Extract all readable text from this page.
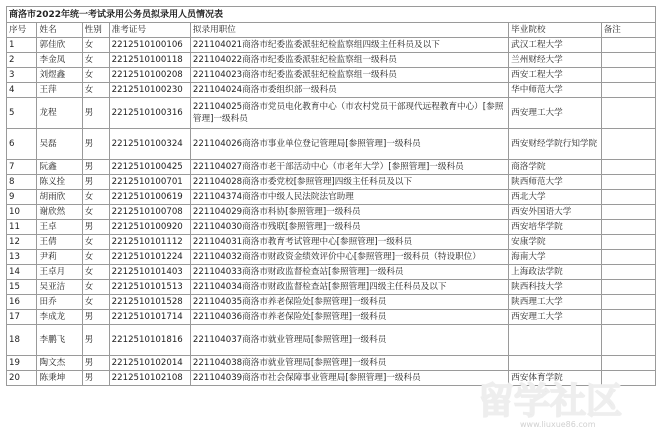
商洛市2022年统一考试录用公务员拟录用人员情况表						
序号	姓名	性别	准考证号	拟录用职位	毕业院校	备注
1	郭佳欣	女	2212510100106	221104021商洛市纪委监委派驻纪检监察组四级主任科员及以下	武汉工程大学	
2	李金凤	女	2212510100118	221104022商洛市纪委监委派驻纪检监察组一级科员	兰州财经大学	
3	刘煜鑫	女	2212510100208	221104023商洛市纪委监委派驻纪检监察组一级科员	西安工程大学	
4	王萍	女	2212510100230	221104024商洛市委组织部一级科员	华中师范大学	
5	龙程	男	2212510100316	221104025商洛市党员电化教育中心（市农村党员干部现代远程教育中心）[参照管理]一级科员	西安理工大学	
6	吴磊	男	2212510100324	221104026商洛市事业单位登记管理局[参照管理]一级科员	西安财经学院行知学院	
7	阮鑫	男	2212510100425	221104027商洛市老干部活动中心（市老年大学）[参照管理]一级科员	商洛学院	
8	陈义拴	男	2212510100701	221104028商洛市委党校[参照管理]四级主任科员及以下	陕西师范大学	
9	胡雨欣	女	2212510100619	221104374商洛市中级人民法院法官助理	西北大学	
10	谢欣然	女	2212510100708	221104029商洛市科协[参照管理]一级科员	西安外国语大学	
11	王卓	男	2212510100920	221104030商洛市残联[参照管理]一级科员	西安培华学院	
12	王倩	女	2212510101112	221104031商洛市教育考试管理中心[参照管理]一级科员	安康学院	
13	尹莉	女	2212510101224	221104032商洛市财政资金绩效评价中心[参照管理]一级科员（特设职位）	海南大学	
14	王卓月	女	2212510101403	221104033商洛市财政监督检查站[参照管理]一级科员	上海政法学院	
15	吴亚洁	女	2212510101513	221104034商洛市财政监督检查站[参照管理]四级主任科员及以下	陕西科技大学	
16	田乔	女	2212510101528	221104035商洛市养老保险处[参照管理]一级科员	陕西理工大学	
17	李成龙	男	2212510101714	221104036商洛市养老保险处[参照管理]一级科员	西安理工大学	
18	李鹏飞	男	2212510101816	221104037商洛市就业管理局[参照管理]一级科员		
19	陶文杰	男	2212510102014	221104038商洛市就业管理局[参照管理]一级科员		
20	陈秉坤	男	2212510102108	221104039商洛市社会保障事业管理局[参照管理]一级科员	西安体育学院	
留学社区
www.liuxue86.com
